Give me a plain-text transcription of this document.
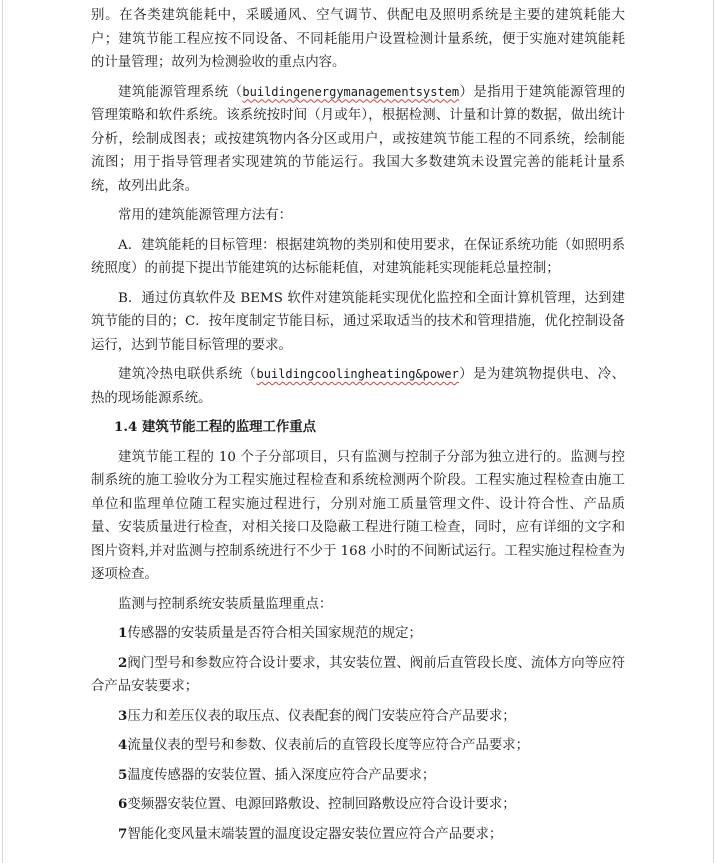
别。在各类建筑能耗中，采暖通风、空气调节、供配电及照明系统是主要的建筑耗能大户；建筑节能工程应按不同设备、不同耗能用户设置检测计量系统，便于实施对建筑能耗的计量管理；故列为检测验收的重点内容。

建筑能源管理系统（buildingenergymanagementsystem）是指用于建筑能源管理的管理策略和软件系统。该系统按时间（月或年），根据检测、计量和计算的数据，做出统计分析，绘制成图表；或按建筑物内各分区或用户，或按建筑节能工程的不同系统，绘制能流图；用于指导管理者实现建筑的节能运行。我国大多数建筑未设置完善的能耗计量系统，故列出此条。

常用的建筑能源管理方法有：

A．建筑能耗的目标管理：根据建筑物的类别和使用要求，在保证系统功能（如照明系统照度）的前提下提出节能建筑的达标能耗值，对建筑能耗实现能耗总量控制；

B．通过仿真软件及 BEMS 软件对建筑能耗实现优化监控和全面计算机管理，达到建筑节能的目的；C．按年度制定节能目标，通过采取适当的技术和管理措施，优化控制设备运行，达到节能目标管理的要求。

建筑冷热电联供系统（buildingcoolingheating&power）是为建筑物提供电、冷、热的现场能源系统。

1.4 建筑节能工程的监理工作重点

建筑节能工程的 10 个子分部项目，只有监测与控制子分部为独立进行的。监测与控制系统的施工验收分为工程实施过程检查和系统检测两个阶段。工程实施过程检查由施工单位和监理单位随工程实施过程进行，分别对施工质量管理文件、设计符合性、产品质量、安装质量进行检查，对相关接口及隐蔽工程进行随工检查，同时，应有详细的文字和图片资料,并对监测与控制系统进行不少于 168 小时的不间断试运行。工程实施过程检查为逐项检查。

监测与控制系统安装质量监理重点：

1传感器的安装质量是否符合相关国家规范的规定；

2阀门型号和参数应符合设计要求，其安装位置、阀前后直管段长度、流体方向等应符合产品安装要求；

3压力和差压仪表的取压点、仪表配套的阀门安装应符合产品要求；

4流量仪表的型号和参数、仪表前后的直管段长度等应符合产品要求；

5温度传感器的安装位置、插入深度应符合产品要求；

6变频器安装位置、电源回路敷设、控制回路敷设应符合设计要求；

7智能化变风量末端装置的温度设定器安装位置应符合产品要求；
